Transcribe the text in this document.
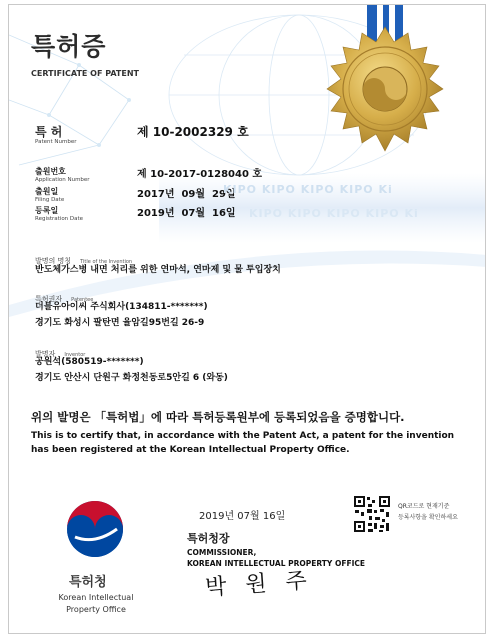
특허증
CERTIFICATE OF PATENT
특 허
Patent Number
제 10-2002329 호
출원번호
Application Number	제 10-2017-0128040 호
출원일
Filing Date	2017년  09월  29일
등록일
Registration Date	2019년  07월  16일
KIPO KIPO KIPO KIPO Ki
KIPO KIPO KIPO KIPO Ki
발명의 명칭 Title of the Invention
반도체가스병 내면 처리를 위한 연마석, 연마제 및 물 투입장치
특허권자 Patentee
더블유아이씨 주식회사(134811-*******)
경기도 화성시 팔탄면 율암길95번길 26-9
발명자 Inventor
공원석(580519-*******)
경기도 안산시 단원구 화정천동로5안길 6 (와동)
위의 발명은 「특허법」에 따라 특허등록원부에 등록되었음을 증명합니다.
This is to certify that, in accordance with the Patent Act, a patent for the invention
has been registered at the Korean Intellectual Property Office.
2019년 07월 16일
QR코드로 현재기준
등록사항을 확인하세요
특허청장
COMMISSIONER,
KOREAN INTELLECTUAL PROPERTY OFFICE
박 원 주
특허청
Korean Intellectual
Property Office
